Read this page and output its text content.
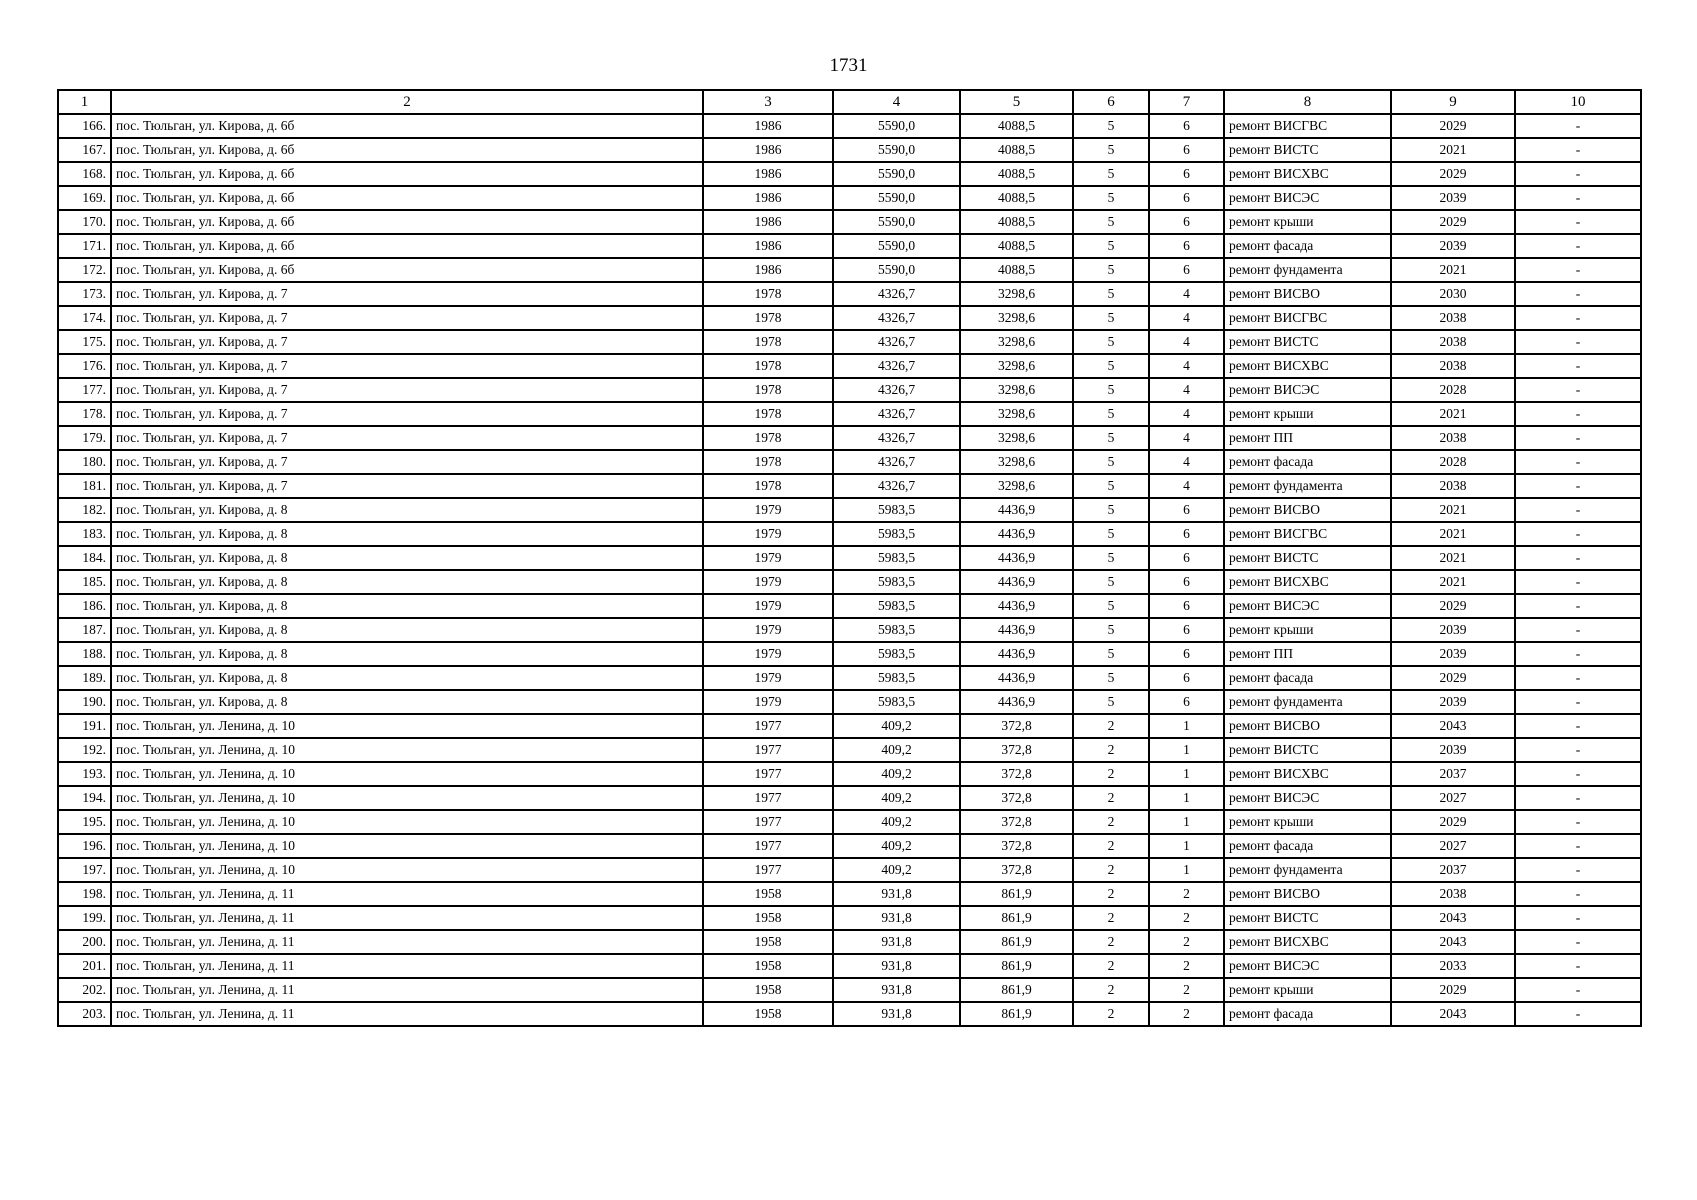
1731
1	2	3	4	5	6	7	8	9	10
166.	пос. Тюльган, ул. Кирова, д. 6б	1986	5590,0	4088,5	5	6	ремонт ВИСГВС	2029	-
167.	пос. Тюльган, ул. Кирова, д. 6б	1986	5590,0	4088,5	5	6	ремонт ВИСТС	2021	-
168.	пос. Тюльган, ул. Кирова, д. 6б	1986	5590,0	4088,5	5	6	ремонт ВИСХВС	2029	-
169.	пос. Тюльган, ул. Кирова, д. 6б	1986	5590,0	4088,5	5	6	ремонт ВИСЭС	2039	-
170.	пос. Тюльган, ул. Кирова, д. 6б	1986	5590,0	4088,5	5	6	ремонт крыши	2029	-
171.	пос. Тюльган, ул. Кирова, д. 6б	1986	5590,0	4088,5	5	6	ремонт фасада	2039	-
172.	пос. Тюльган, ул. Кирова, д. 6б	1986	5590,0	4088,5	5	6	ремонт фундамента	2021	-
173.	пос. Тюльган, ул. Кирова, д. 7	1978	4326,7	3298,6	5	4	ремонт ВИСВО	2030	-
174.	пос. Тюльган, ул. Кирова, д. 7	1978	4326,7	3298,6	5	4	ремонт ВИСГВС	2038	-
175.	пос. Тюльган, ул. Кирова, д. 7	1978	4326,7	3298,6	5	4	ремонт ВИСТС	2038	-
176.	пос. Тюльган, ул. Кирова, д. 7	1978	4326,7	3298,6	5	4	ремонт ВИСХВС	2038	-
177.	пос. Тюльган, ул. Кирова, д. 7	1978	4326,7	3298,6	5	4	ремонт ВИСЭС	2028	-
178.	пос. Тюльган, ул. Кирова, д. 7	1978	4326,7	3298,6	5	4	ремонт крыши	2021	-
179.	пос. Тюльган, ул. Кирова, д. 7	1978	4326,7	3298,6	5	4	ремонт ПП	2038	-
180.	пос. Тюльган, ул. Кирова, д. 7	1978	4326,7	3298,6	5	4	ремонт фасада	2028	-
181.	пос. Тюльган, ул. Кирова, д. 7	1978	4326,7	3298,6	5	4	ремонт фундамента	2038	-
182.	пос. Тюльган, ул. Кирова, д. 8	1979	5983,5	4436,9	5	6	ремонт ВИСВО	2021	-
183.	пос. Тюльган, ул. Кирова, д. 8	1979	5983,5	4436,9	5	6	ремонт ВИСГВС	2021	-
184.	пос. Тюльган, ул. Кирова, д. 8	1979	5983,5	4436,9	5	6	ремонт ВИСТС	2021	-
185.	пос. Тюльган, ул. Кирова, д. 8	1979	5983,5	4436,9	5	6	ремонт ВИСХВС	2021	-
186.	пос. Тюльган, ул. Кирова, д. 8	1979	5983,5	4436,9	5	6	ремонт ВИСЭС	2029	-
187.	пос. Тюльган, ул. Кирова, д. 8	1979	5983,5	4436,9	5	6	ремонт крыши	2039	-
188.	пос. Тюльган, ул. Кирова, д. 8	1979	5983,5	4436,9	5	6	ремонт ПП	2039	-
189.	пос. Тюльган, ул. Кирова, д. 8	1979	5983,5	4436,9	5	6	ремонт фасада	2029	-
190.	пос. Тюльган, ул. Кирова, д. 8	1979	5983,5	4436,9	5	6	ремонт фундамента	2039	-
191.	пос. Тюльган, ул. Ленина, д. 10	1977	409,2	372,8	2	1	ремонт ВИСВО	2043	-
192.	пос. Тюльган, ул. Ленина, д. 10	1977	409,2	372,8	2	1	ремонт ВИСТС	2039	-
193.	пос. Тюльган, ул. Ленина, д. 10	1977	409,2	372,8	2	1	ремонт ВИСХВС	2037	-
194.	пос. Тюльган, ул. Ленина, д. 10	1977	409,2	372,8	2	1	ремонт ВИСЭС	2027	-
195.	пос. Тюльган, ул. Ленина, д. 10	1977	409,2	372,8	2	1	ремонт крыши	2029	-
196.	пос. Тюльган, ул. Ленина, д. 10	1977	409,2	372,8	2	1	ремонт фасада	2027	-
197.	пос. Тюльган, ул. Ленина, д. 10	1977	409,2	372,8	2	1	ремонт фундамента	2037	-
198.	пос. Тюльган, ул. Ленина, д. 11	1958	931,8	861,9	2	2	ремонт ВИСВО	2038	-
199.	пос. Тюльган, ул. Ленина, д. 11	1958	931,8	861,9	2	2	ремонт ВИСТС	2043	-
200.	пос. Тюльган, ул. Ленина, д. 11	1958	931,8	861,9	2	2	ремонт ВИСХВС	2043	-
201.	пос. Тюльган, ул. Ленина, д. 11	1958	931,8	861,9	2	2	ремонт ВИСЭС	2033	-
202.	пос. Тюльган, ул. Ленина, д. 11	1958	931,8	861,9	2	2	ремонт крыши	2029	-
203.	пос. Тюльган, ул. Ленина, д. 11	1958	931,8	861,9	2	2	ремонт фасада	2043	-
